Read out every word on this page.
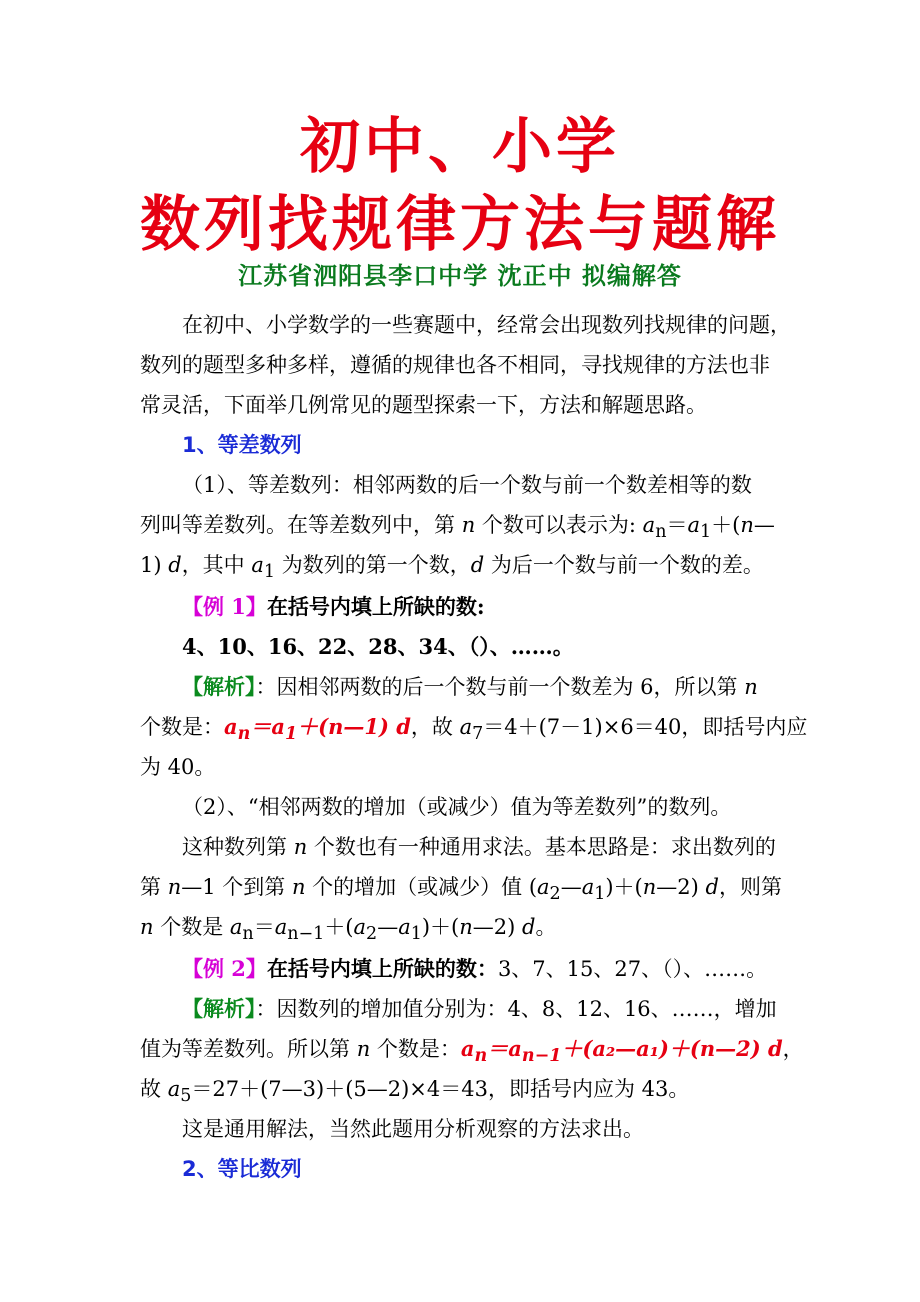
初中、小学
数列找规律方法与题解
江苏省泗阳县李口中学 沈正中 拟编解答
在初中、小学数学的一些赛题中，经常会出现数列找规律的问题，
数列的题型多种多样，遵循的规律也各不相同，寻找规律的方法也非
常灵活，下面举几例常见的题型探索一下，方法和解题思路。
1、等差数列
（1）、等差数列：相邻两数的后一个数与前一个数差相等的数
列叫等差数列。在等差数列中，第 n 个数可以表示为: $a_n=a_1+(n—$
1) d，其中 $a_1$ 为数列的第一个数，d 为后一个数与前一个数的差。
【例 1】在括号内填上所缺的数:
4、10、16、22、28、34、（）、……。
【解析】：因相邻两数的后一个数与前一个数差为 6，所以第 n
个数是：$a_n=a_1+(n—1)$ d，故 $a_7=4+(7-1)\times 6=40$，即括号内应
为 40。
（2）、“相邻两数的增加（或减少）值为等差数列”的数列。
这种数列第 n 个数也有一种通用求法。基本思路是：求出数列的
第 n—1 个到第 n 个的增加（或减少）值 $(a_2—a_1)+(n—2)$ d，则第
n 个数是 $a_n=a_{n-1}+(a_2—a_1)+(n—2)$ d。
【例 2】在括号内填上所缺的数：3、7、15、27、（）、……。
【解析】：因数列的增加值分别为：4、8、12、16、……，增加
值为等差数列。所以第 n 个数是：$a_n=a_{n-1}+(a_2—a_1)+(n—2)$ d，
故 $a_5=27+(7—3)+(5—2)\times 4=43$，即括号内应为 43。
这是通用解法，当然此题用分析观察的方法求出。
2、等比数列
